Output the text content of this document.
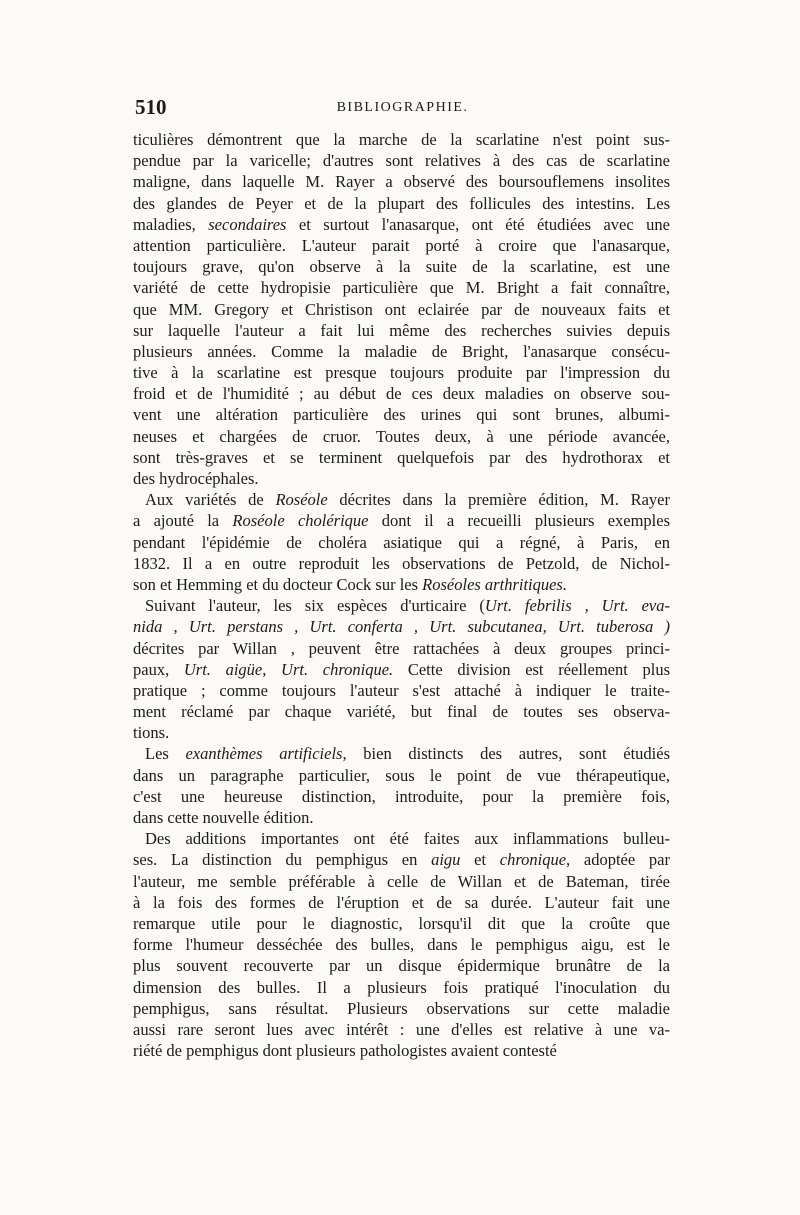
510	BIBLIOGRAPHIE.
ticulières démontrent que la marche de la scarlatine n'est point sus-
pendue par la varicelle; d'autres sont relatives à des cas de scarlatine
maligne, dans laquelle M. Rayer a observé des boursouflemens insolites
des glandes de Peyer et de la plupart des follicules des intestins. Les
maladies, secondaires et surtout l'anasarque, ont été étudiées avec une
attention particulière. L'auteur parait porté à croire que l'anasarque,
toujours grave, qu'on observe à la suite de la scarlatine, est une
variété de cette hydropisie particulière que M. Bright a fait connaître,
que MM. Gregory et Christison ont eclairée par de nouveaux faits et
sur laquelle l'auteur a fait lui même des recherches suivies depuis
plusieurs années. Comme la maladie de Bright, l'anasarque consécu-
tive à la scarlatine est presque toujours produite par l'impression du
froid et de l'humidité ; au début de ces deux maladies on observe sou-
vent une altération particulière des urines qui sont brunes, albumi-
neuses et chargées de cruor. Toutes deux, à une période avancée,
sont très-graves et se terminent quelquefois par des hydrothorax et
des hydrocéphales.
Aux variétés de Roséole décrites dans la première édition, M. Rayer
a ajouté la Roséole cholérique dont il a recueilli plusieurs exemples
pendant l'épidémie de choléra asiatique qui a régné, à Paris, en
1832. Il a en outre reproduit les observations de Petzold, de Nichol-
son et Hemming et du docteur Cock sur les Roséoles arthritiques.
Suivant l'auteur, les six espèces d'urticaire (Urt. febrilis , Urt. eva-
nida , Urt. perstans , Urt. conferta , Urt. subcutanea, Urt. tuberosa )
décrites par Willan , peuvent être rattachées à deux groupes princi-
paux, Urt. aigüe, Urt. chronique. Cette division est réellement plus
pratique ; comme toujours l'auteur s'est attaché à indiquer le traite-
ment réclamé par chaque variété, but final de toutes ses observa-
tions.
Les exanthèmes artificiels, bien distincts des autres, sont étudiés
dans un paragraphe particulier, sous le point de vue thérapeutique,
c'est une heureuse distinction, introduite, pour la première fois,
dans cette nouvelle édition.
Des additions importantes ont été faites aux inflammations bulleu-
ses. La distinction du pemphigus en aigu et chronique, adoptée par
l'auteur, me semble préférable à celle de Willan et de Bateman, tirée
à la fois des formes de l'éruption et de sa durée. L'auteur fait une
remarque utile pour le diagnostic, lorsqu'il dit que la croûte que
forme l'humeur desséchée des bulles, dans le pemphigus aigu, est le
plus souvent recouverte par un disque épidermique brunâtre de la
dimension des bulles. Il a plusieurs fois pratiqué l'inoculation du
pemphigus, sans résultat. Plusieurs observations sur cette maladie
aussi rare seront lues avec intérêt : une d'elles est relative à une va-
riété de pemphigus dont plusieurs pathologistes avaient contesté
